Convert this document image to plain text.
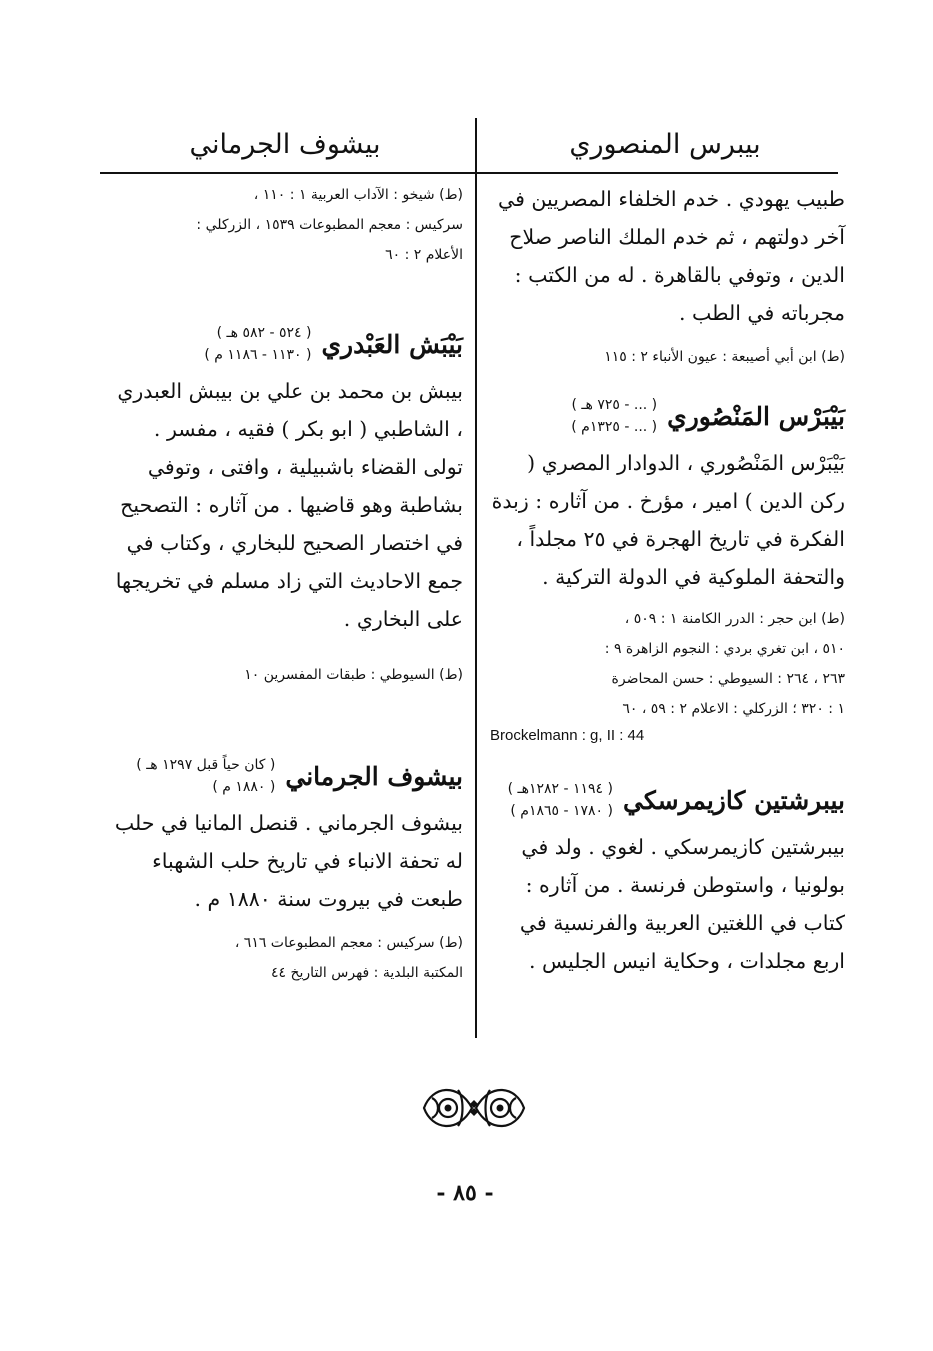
بيبرس المنصوري
بيشوف الجرماني

طبيب يهودي . خدم الخلفاء المصريين في آخر دولتهم ، ثم خدم الملك الناصر صلاح الدين ، وتوفي بالقاهرة . له من الكتب : مجرباته في الطب .

(ط) ابن أبي أصيبعة : عيون الأنباء ٢ : ١١٥

بَيْبَرْس المَنْصُوري
( ... - ٧٢٥ هـ )
( ... - ١٣٢٥م )

بَيْبَرْس المَنْصُوري ، الدوادار المصري ( ركن الدين ) امير ، مؤرخ . من آثاره : زبدة الفكرة في تاريخ الهجرة في ٢٥ مجلداً ، والتحفة الملوكية في الدولة التركية .

(ط) ابن حجر : الدرر الكامنة ١ : ٥٠٩ ،

٥١٠ ، ابن تغري بردي : النجوم الزاهرة ٩ :

٢٦٣ ، ٢٦٤ : السيوطي : حسن المحاضرة

١ : ٣٢٠ ؛ الزركلي : الاعلام ٢ : ٥٩ ، ٦٠

Brockelmann : g, II : 44

بيبرشتين كازيمرسكي
( ١١٩٤ - ١٢٨٢هـ )
( ١٧٨٠ - ١٨٦٥م )

بيبرشتين كازيمرسكي . لغوي . ولد في بولونيا ، واستوطن فرنسة . من آثاره : كتاب في اللغتين العربية والفرنسية في اربع مجلدات ، وحكاية انيس الجليس .

(ط) شيخو : الآداب العربية ١ : ١١٠ ،

سركيس : معجم المطبوعات ١٥٣٩ ، الزركلي :

الأعلام ٢ : ٦٠

بَيْبَش العَبْدري
( ٥٢٤ - ٥٨٢ هـ )
( ١١٣٠ - ١١٨٦ م )

بيبش بن محمد بن علي بن بيبش العبدري ، الشاطبي ( ابو بكر ) فقيه ، مفسر . تولى القضاء باشبيلية ، وافتى ، وتوفي بشاطبة وهو قاضيها . من آثاره : التصحيح في اختصار الصحيح للبخاري ، وكتاب في جمع الاحاديث التي زاد مسلم في تخريجها على البخاري .

(ط) السيوطي : طبقات المفسرين ١٠

بيشوف الجرماني
( كان حياً قبل ١٢٩٧ هـ )
( ١٨٨٠ م )

بيشوف الجرماني . قنصل المانيا في حلب له تحفة الانباء في تاريخ حلب الشهباء طبعت في بيروت سنة ١٨٨٠ م .

(ط) سركيس : معجم المطبوعات ٦١٦ ،

المكتبة البلدية : فهرس التاريخ ٤٤

- ٨٥ -
